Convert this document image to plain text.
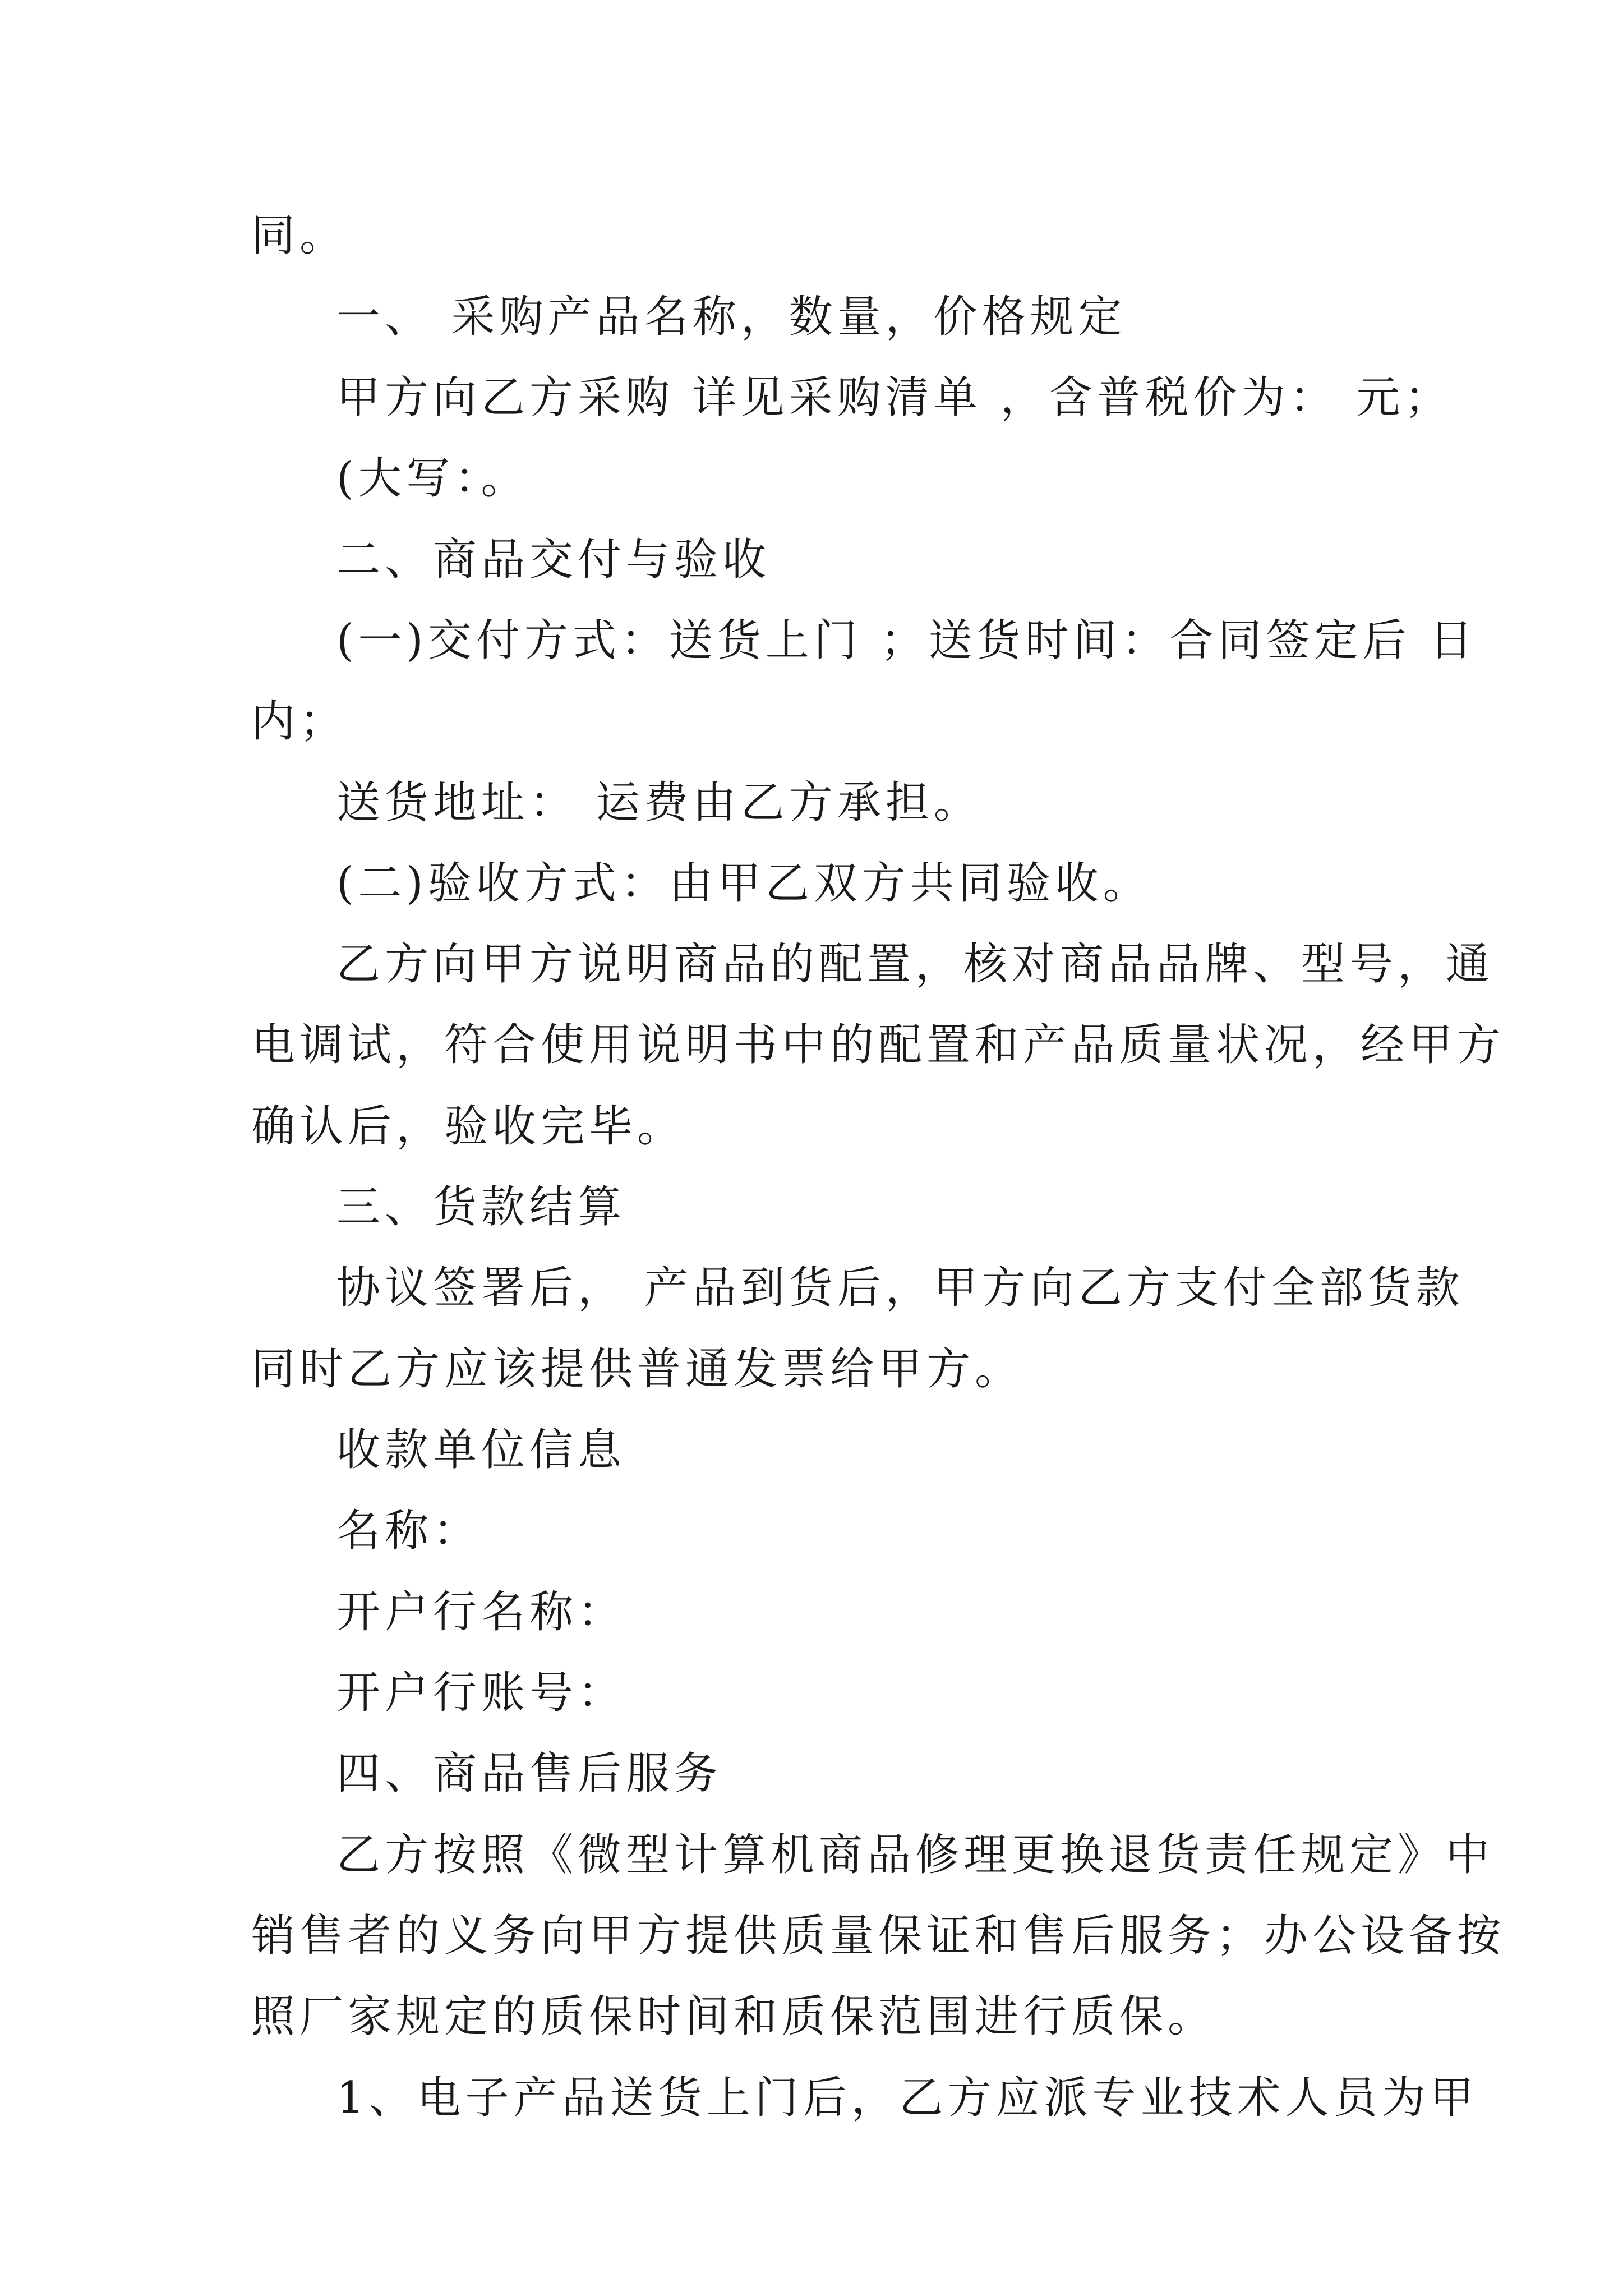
同。
一、 采购产品名称，数量，价格规定
甲方向乙方采购 详见采购清单 ，含普税价为： 元；
(大写：。
二、商品交付与验收
(一)交付方式：送货上门 ；送货时间：合同签定后 日
内；
送货地址： 运费由乙方承担。
(二)验收方式：由甲乙双方共同验收。
乙方向甲方说明商品的配置，核对商品品牌、型号，通
电调试，符合使用说明书中的配置和产品质量状况，经甲方
确认后，验收完毕。
三、货款结算
协议签署后， 产品到货后，甲方向乙方支付全部货款
同时乙方应该提供普通发票给甲方。
收款单位信息
名称：
开户行名称：
开户行账号：
四、商品售后服务
乙方按照《微型计算机商品修理更换退货责任规定》中
销售者的义务向甲方提供质量保证和售后服务；办公设备按
照厂家规定的质保时间和质保范围进行质保。
1、电子产品送货上门后，乙方应派专业技术人员为甲
